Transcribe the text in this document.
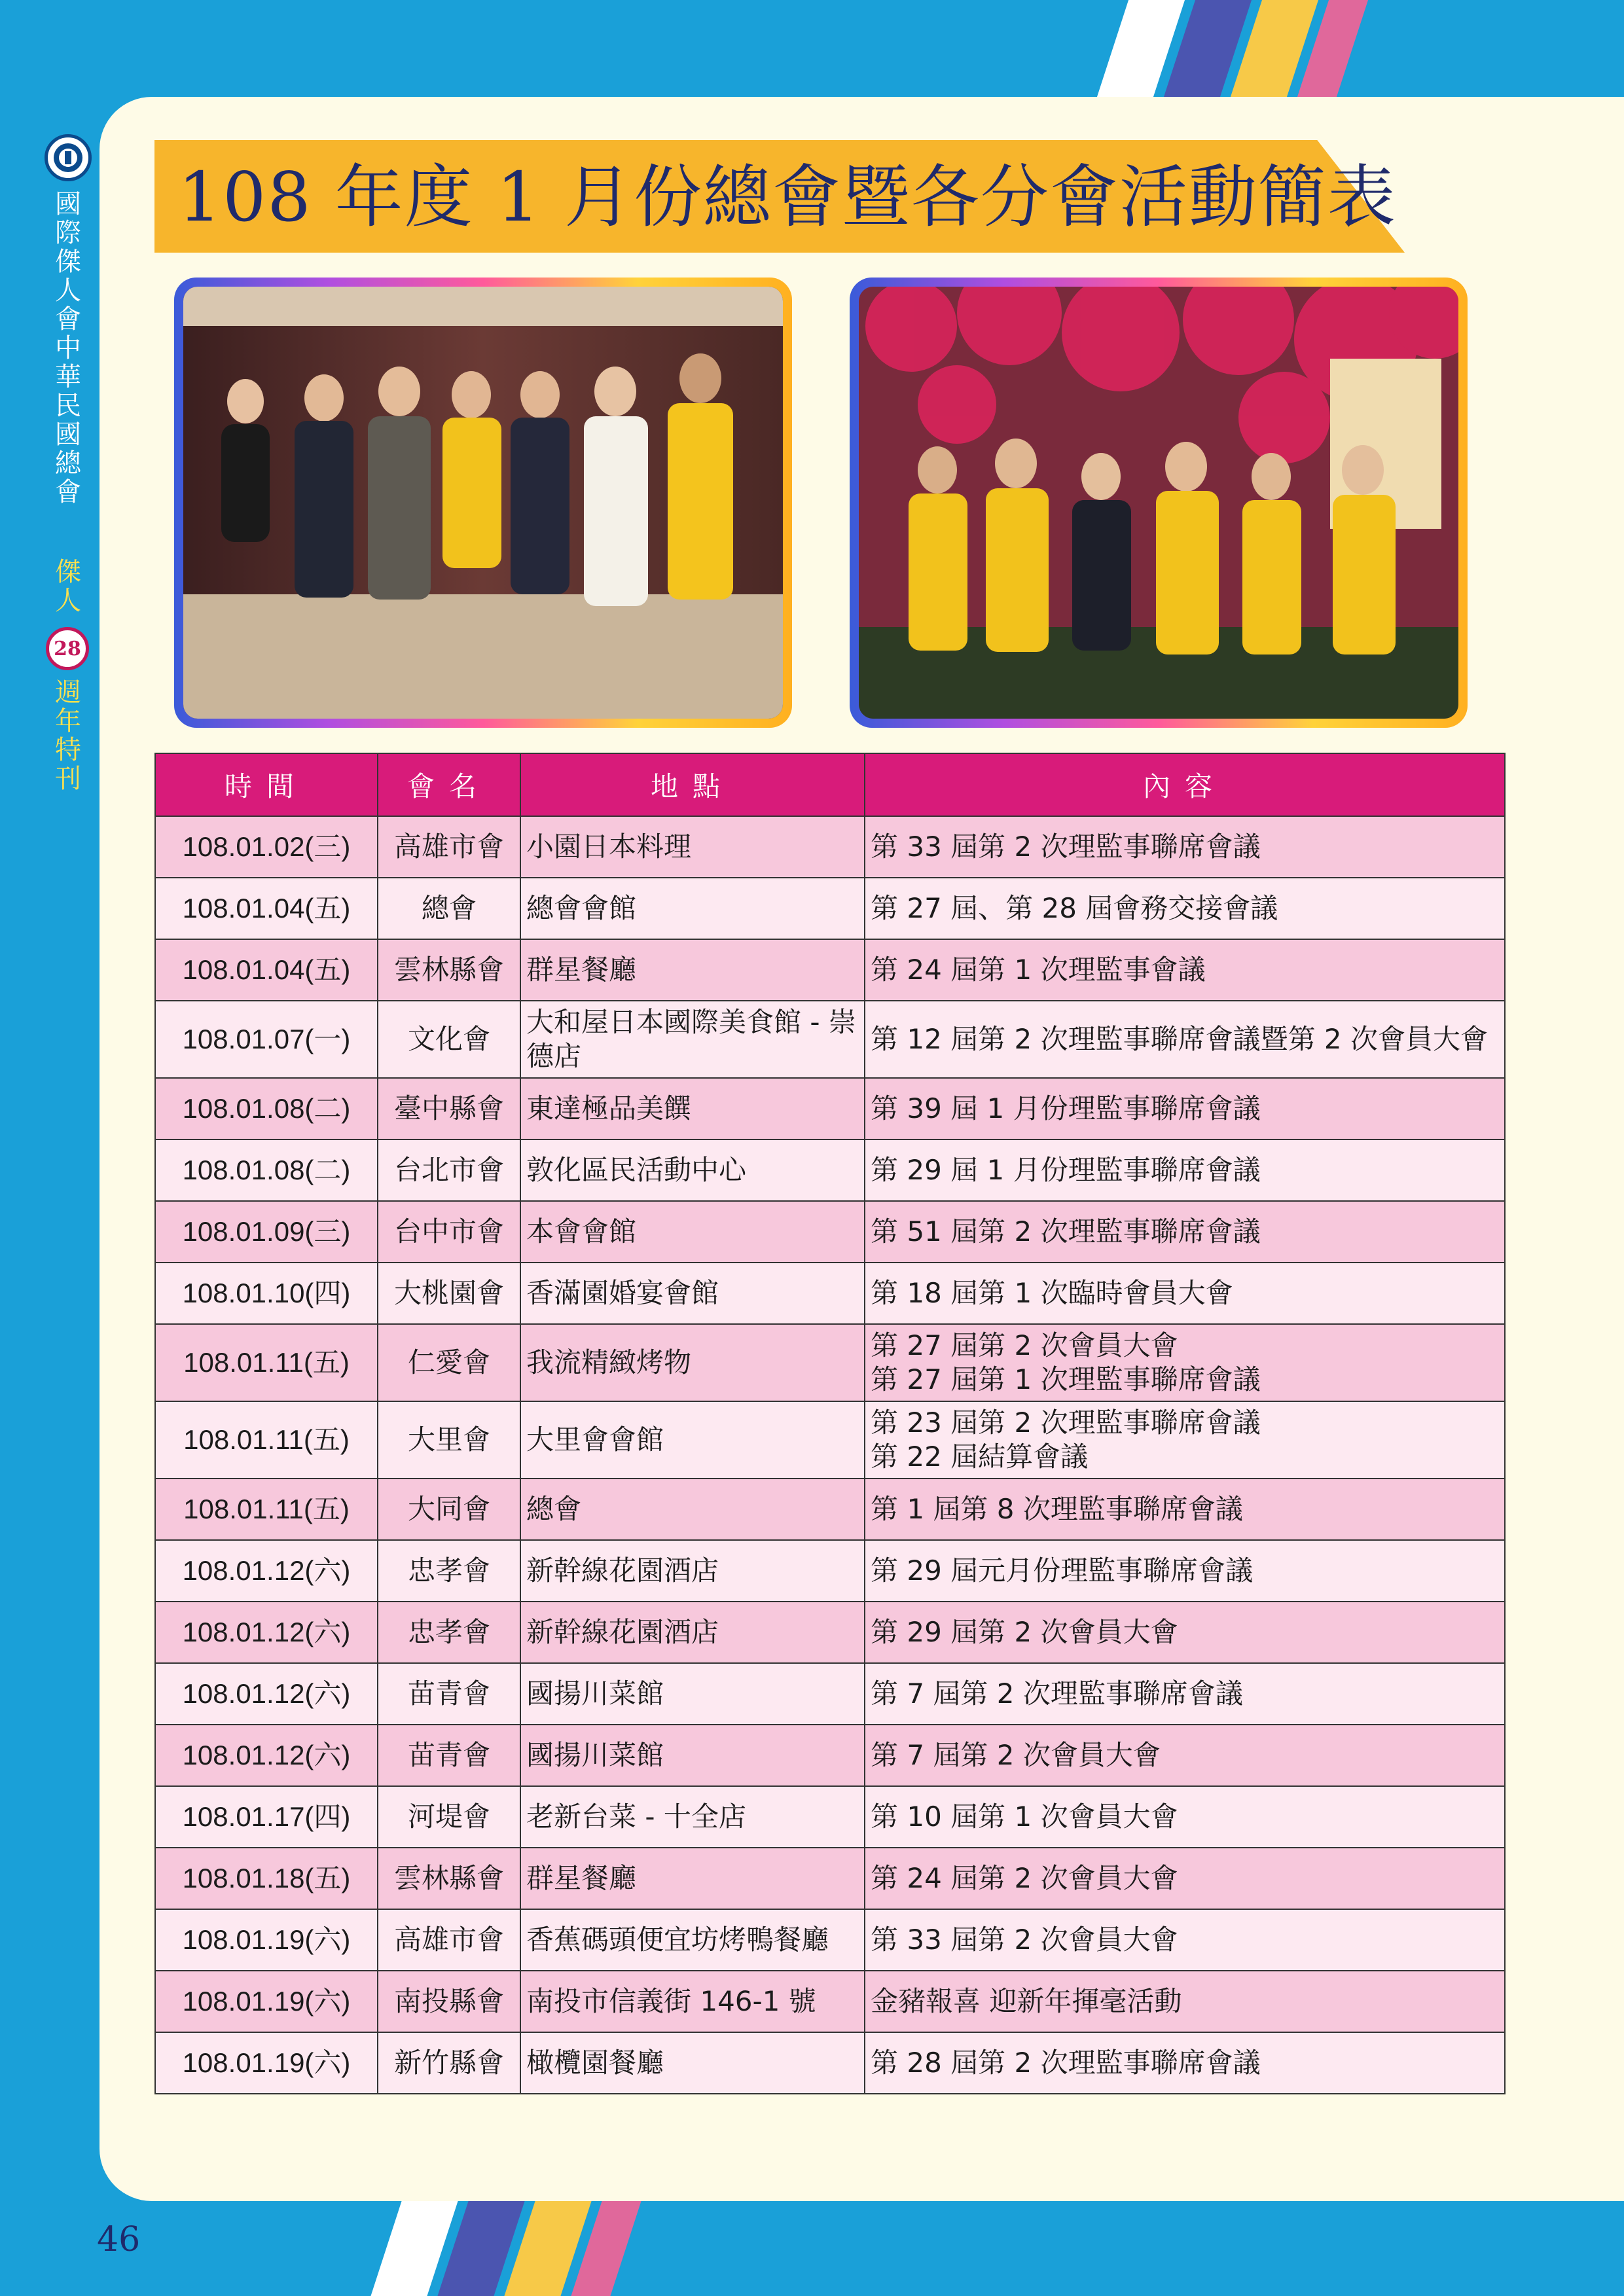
國際傑人會中華民國總會
傑人
28
週年 特刊
108 年度 1 月份總會暨各分會活動簡表
時間	會名	地點	內容
108.01.02(三)	高雄市會	小園日本料理	第 33 屆第 2 次理監事聯席會議
108.01.04(五)	總會	總會會館	第 27 屆、第 28 屆會務交接會議
108.01.04(五)	雲林縣會	群星餐廳	第 24 屆第 1 次理監事會議
108.01.07(一)	文化會	大和屋日本國際美食館 - 崇德店	第 12 屆第 2 次理監事聯席會議暨第 2 次會員大會
108.01.08(二)	臺中縣會	東達極品美饌	第 39 屆 1 月份理監事聯席會議
108.01.08(二)	台北市會	敦化區民活動中心	第 29 屆 1 月份理監事聯席會議
108.01.09(三)	台中市會	本會會館	第 51 屆第 2 次理監事聯席會議
108.01.10(四)	大桃園會	香滿園婚宴會館	第 18 屆第 1 次臨時會員大會
108.01.11(五)	仁愛會	我流精緻烤物	第 27 屆第 2 次會員大會
第 27 屆第 1 次理監事聯席會議
108.01.11(五)	大里會	大里會會館	第 23 屆第 2 次理監事聯席會議
第 22 屆結算會議
108.01.11(五)	大同會	總會	第 1 屆第 8 次理監事聯席會議
108.01.12(六)	忠孝會	新幹線花園酒店	第 29 屆元月份理監事聯席會議
108.01.12(六)	忠孝會	新幹線花園酒店	第 29 屆第 2 次會員大會
108.01.12(六)	苗青會	國揚川菜館	第 7 屆第 2 次理監事聯席會議
108.01.12(六)	苗青會	國揚川菜館	第 7 屆第 2 次會員大會
108.01.17(四)	河堤會	老新台菜 - 十全店	第 10 屆第 1 次會員大會
108.01.18(五)	雲林縣會	群星餐廳	第 24 屆第 2 次會員大會
108.01.19(六)	高雄市會	香蕉碼頭便宜坊烤鴨餐廳	第 33 屆第 2 次會員大會
108.01.19(六)	南投縣會	南投市信義街 146-1 號	金豬報喜 迎新年揮毫活動
108.01.19(六)	新竹縣會	橄欖園餐廳	第 28 屆第 2 次理監事聯席會議
46
